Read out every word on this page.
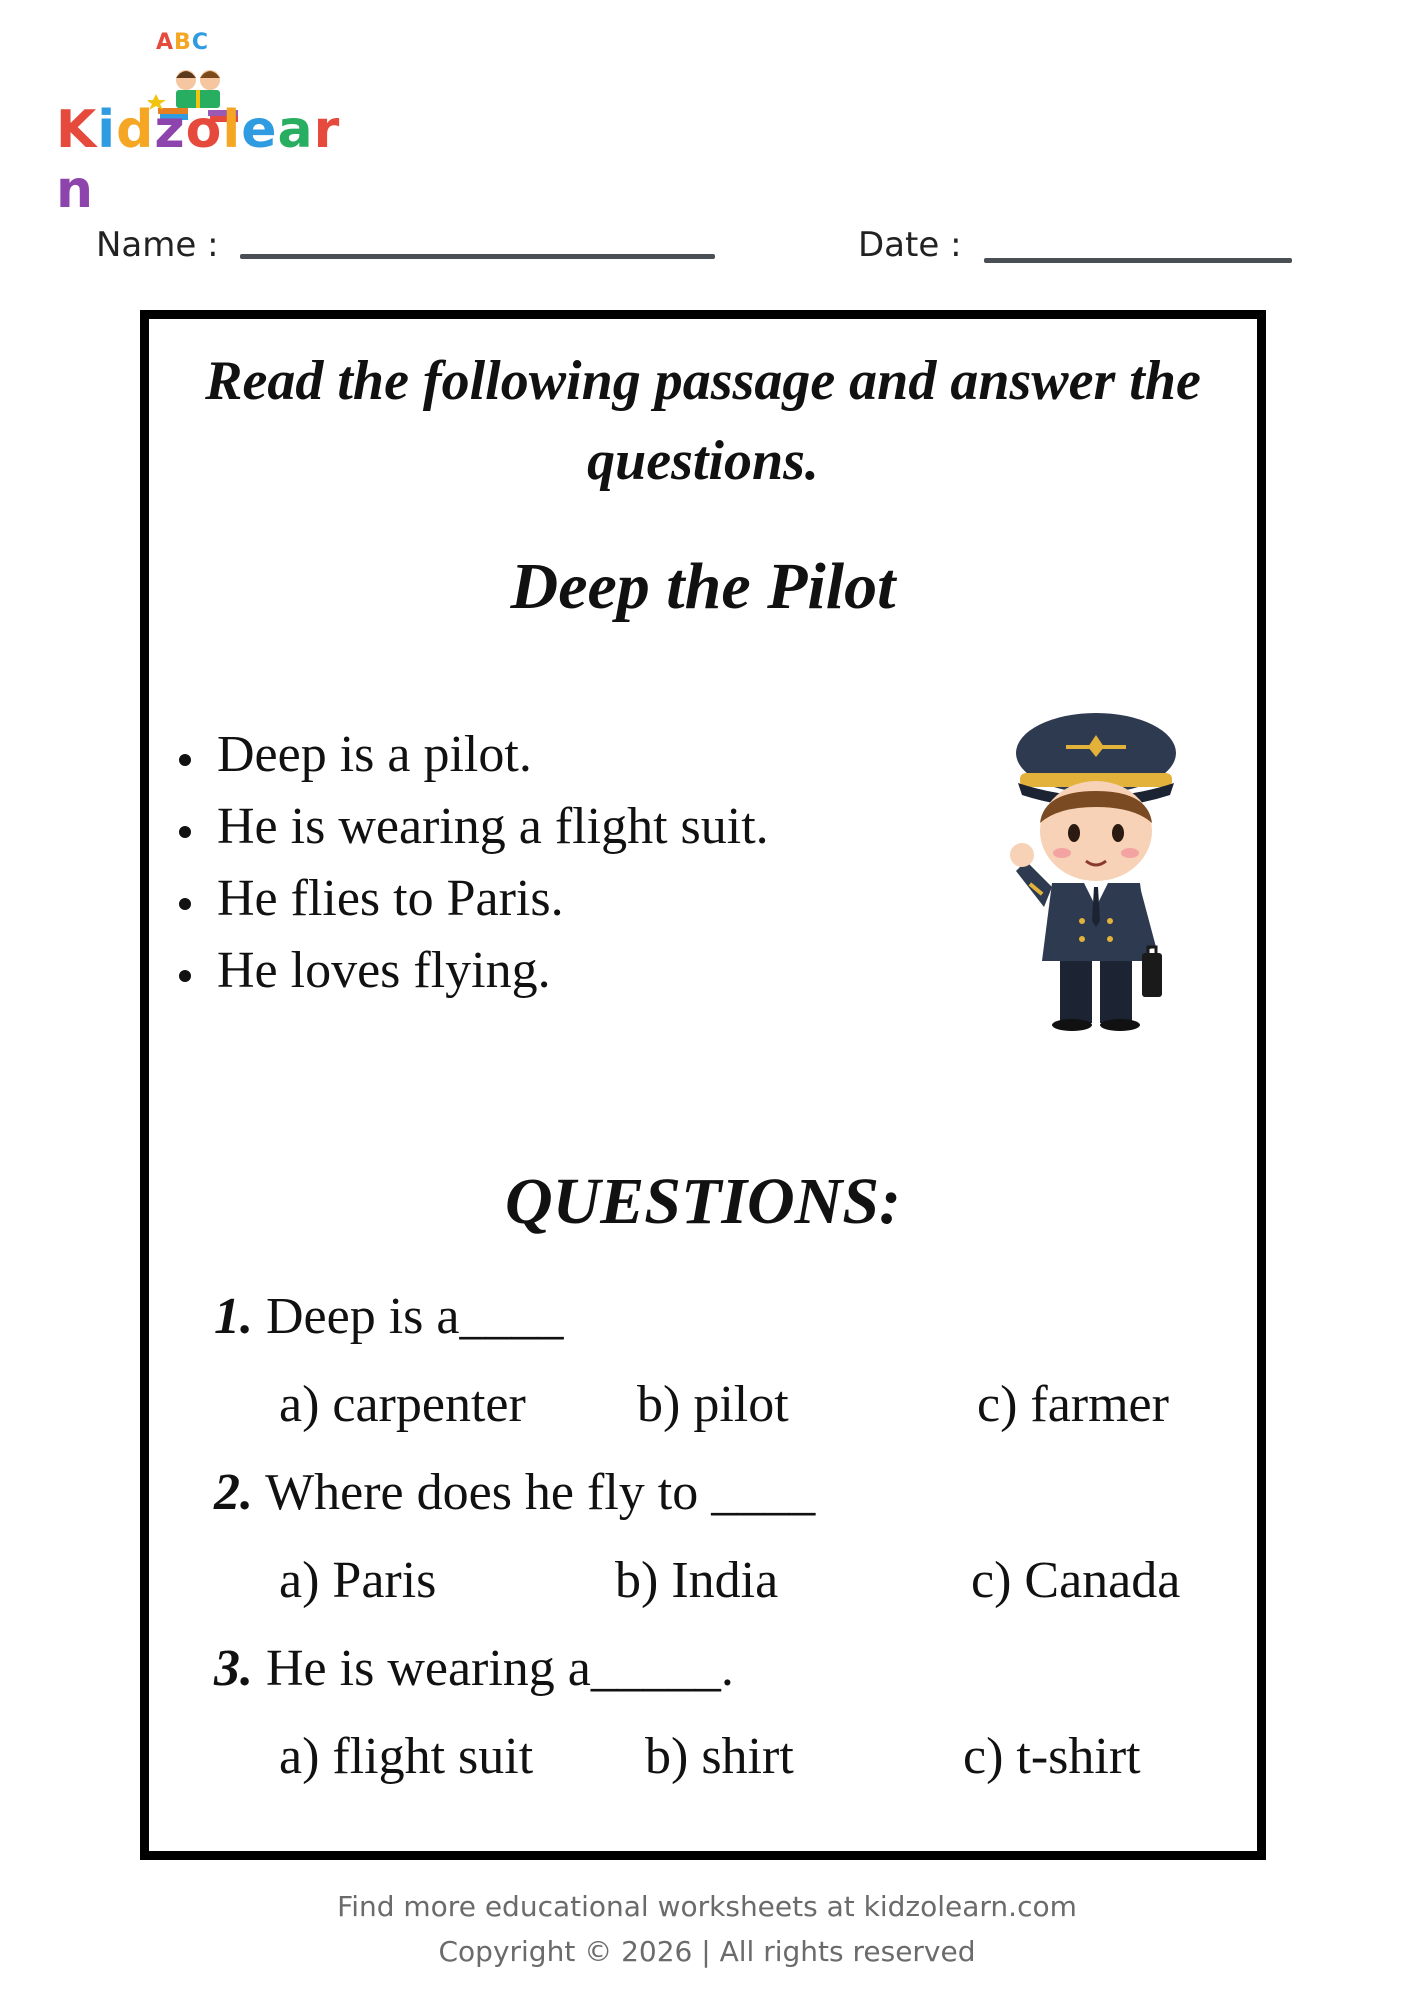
ABC
Kidzolearn
Name :	Date :
Read the following passage and answer the questions.
Deep the Pilot
Deep is a pilot.
He is wearing a flight suit.
He flies to Paris.
He loves flying.
QUESTIONS:
1. Deep is a____
a) carpenter b) pilot	c) farmer
2. Where does he fly to ____
a) Paris	b) India	c) Canada
3. He is wearing a_____.
a) flight suit b) shirt	c) t-shirt
Find more educational worksheets at kidzolearn.com
Copyright © 2026 | All rights reserved
